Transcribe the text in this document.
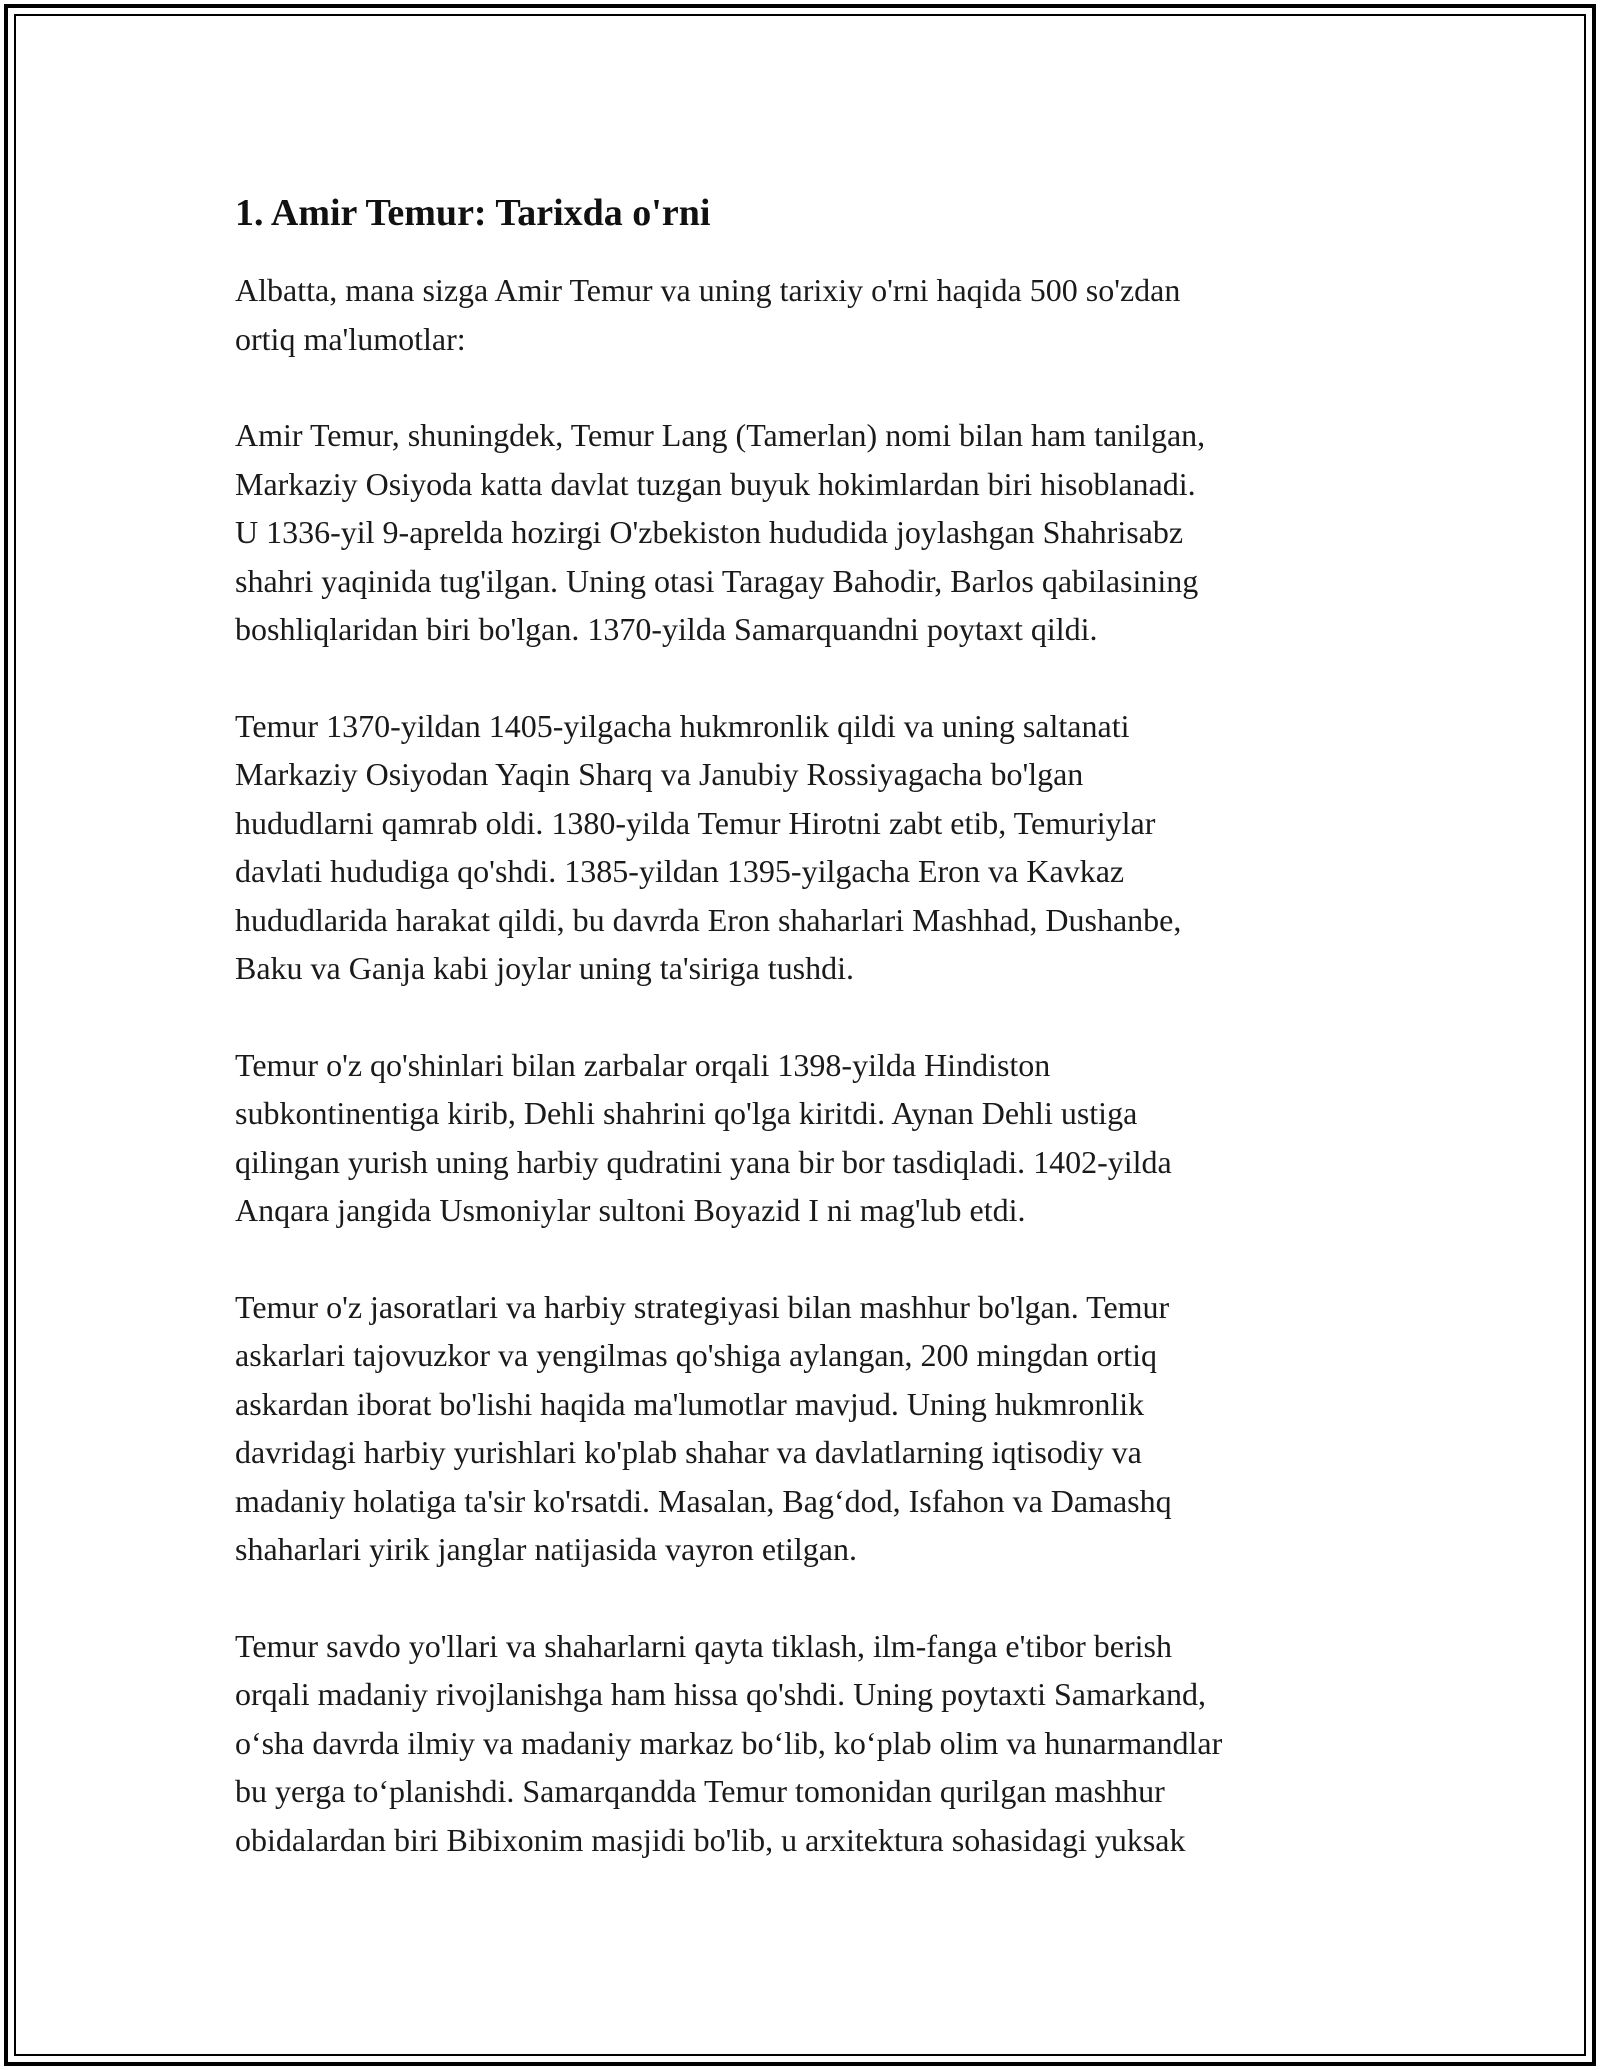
1. Amir Temur: Tarixda o'rni
Albatta, mana sizga Amir Temur va uning tarixiy o'rni haqida 500 so'zdan
ortiq ma'lumotlar:
Amir Temur, shuningdek, Temur Lang (Tamerlan) nomi bilan ham tanilgan,
Markaziy Osiyoda katta davlat tuzgan buyuk hokimlardan biri hisoblanadi.
U 1336-yil 9-aprelda hozirgi O'zbekiston hududida joylashgan Shahrisabz
shahri yaqinida tug'ilgan. Uning otasi Taragay Bahodir, Barlos qabilasining
boshliqlaridan biri bo'lgan. 1370-yilda Samarquandni poytaxt qildi.
Temur 1370-yildan 1405-yilgacha hukmronlik qildi va uning saltanati
Markaziy Osiyodan Yaqin Sharq va Janubiy Rossiyagacha bo'lgan
hududlarni qamrab oldi. 1380-yilda Temur Hirotni zabt etib, Temuriylar
davlati hududiga qo'shdi. 1385-yildan 1395-yilgacha Eron va Kavkaz
hududlarida harakat qildi, bu davrda Eron shaharlari Mashhad, Dushanbe,
Baku va Ganja kabi joylar uning ta'siriga tushdi.
Temur o'z qo'shinlari bilan zarbalar orqali 1398-yilda Hindiston
subkontinentiga kirib, Dehli shahrini qo'lga kiritdi. Aynan Dehli ustiga
qilingan yurish uning harbiy qudratini yana bir bor tasdiqladi. 1402-yilda
Anqara jangida Usmoniylar sultoni Boyazid I ni mag'lub etdi.
Temur o'z jasoratlari va harbiy strategiyasi bilan mashhur bo'lgan. Temur
askarlari tajovuzkor va yengilmas qo'shiga aylangan, 200 mingdan ortiq
askardan iborat bo'lishi haqida ma'lumotlar mavjud. Uning hukmronlik
davridagi harbiy yurishlari ko'plab shahar va davlatlarning iqtisodiy va
madaniy holatiga ta'sir ko'rsatdi. Masalan, Bag‘dod, Isfahon va Damashq
shaharlari yirik janglar natijasida vayron etilgan.
Temur savdo yo'llari va shaharlarni qayta tiklash, ilm-fanga e'tibor berish
orqali madaniy rivojlanishga ham hissa qo'shdi. Uning poytaxti Samarkand,
o‘sha davrda ilmiy va madaniy markaz bo‘lib, ko‘plab olim va hunarmandlar
bu yerga to‘planishdi. Samarqandda Temur tomonidan qurilgan mashhur
obidalardan biri Bibixonim masjidi bo'lib, u arxitektura sohasidagi yuksak
